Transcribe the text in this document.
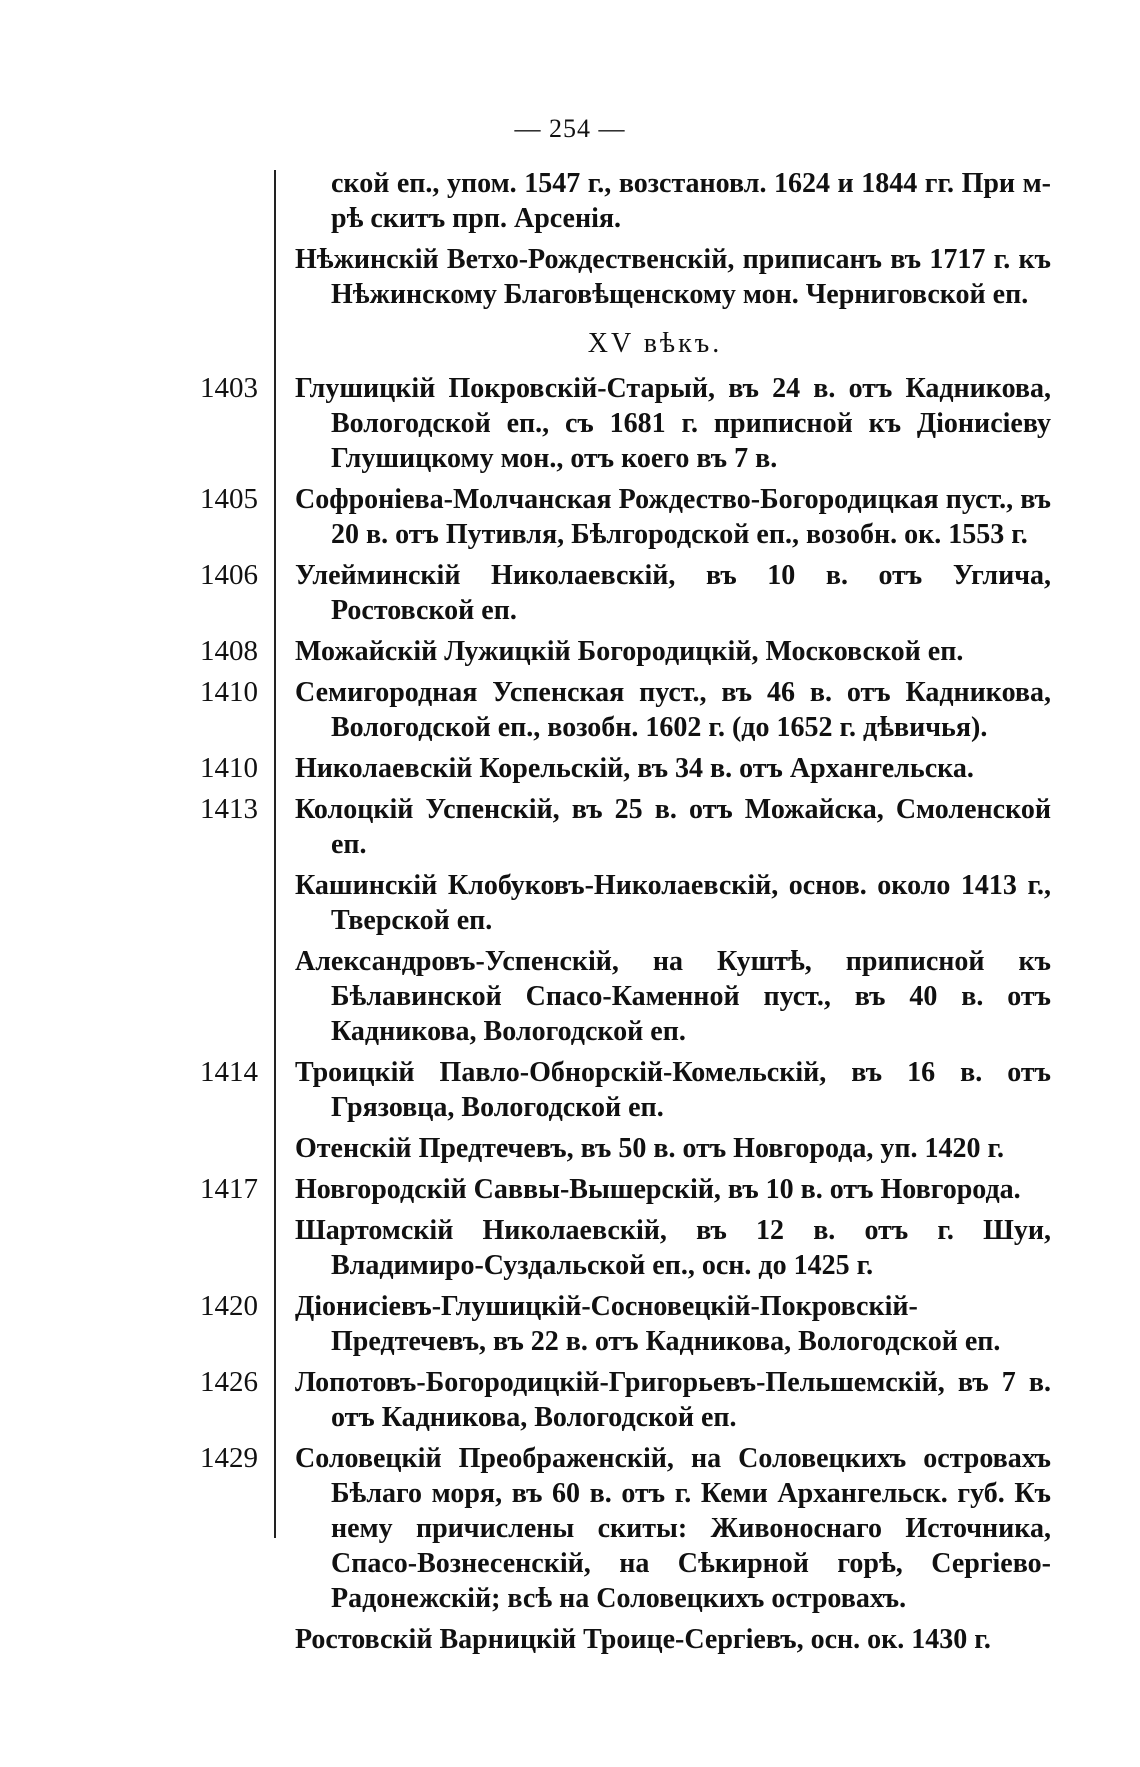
— 254 —
ской еп., упом. 1547 г., возстановл. 1624 и 1844 гг. При м-рѣ скитъ прп. Арсенія.
Нѣжинскій Ветхо-Рождественскій, приписанъ въ 1717 г. къ Нѣжинскому Благовѣщенскому мон. Черниговской еп.
XV вѣкъ.
1403 Глушицкій Покровскій-Старый, въ 24 в. отъ Кадникова, Вологодской еп., съ 1681 г. приписной къ Діонисіеву Глушицкому мон., отъ коего въ 7 в.
1405 Софроніева-Молчанская Рождество-Богородицкая пуст., въ 20 в. отъ Путивля, Бѣлгородской еп., возобн. ок. 1553 г.
1406 Улейминскій Николаевскій, въ 10 в. отъ Углича, Ростовской еп.
1408 Можайскій Лужицкій Богородицкій, Московской еп.
1410 Семигородная Успенская пуст., въ 46 в. отъ Кадникова, Вологодской еп., возобн. 1602 г. (до 1652 г. дѣвичья).
1410 Николаевскій Корельскій, въ 34 в. отъ Архангельска.
1413 Колоцкій Успенскій, въ 25 в. отъ Можайска, Смоленской еп.
Кашинскій Клобуковъ-Николаевскій, основ. около 1413 г., Тверской еп.
Александровъ-Успенскій, на Куштѣ, приписной къ Бѣлавинской Спасо-Каменной пуст., въ 40 в. отъ Кадникова, Вологодской еп.
1414 Троицкій Павло-Обнорскій-Комельскій, въ 16 в. отъ Грязовца, Вологодской еп.
Отенскій Предтечевъ, въ 50 в. отъ Новгорода, уп. 1420 г.
1417 Новгородскій Саввы-Вышерскій, въ 10 в. отъ Новгорода.
Шартомскій Николаевскій, въ 12 в. отъ г. Шуи, Владимиро-Суздальской еп., осн. до 1425 г.
1420 Діонисіевъ-Глушицкій-Сосновецкій-Покровскій-Предтечевъ, въ 22 в. отъ Кадникова, Вологодской еп.
1426 Лопотовъ-Богородицкій-Григорьевъ-Пельшемскій, въ 7 в. отъ Кадникова, Вологодской еп.
1429 Соловецкій Преображенскій, на Соловецкихъ островахъ Бѣлаго моря, въ 60 в. отъ г. Кеми Архангельск. губ. Къ нему причислены скиты: Живоноснаго Источника, Спасо-Вознесенскій, на Сѣкирной горѣ, Сергіево-Радонежскій; всѣ на Соловецкихъ островахъ.
Ростовскій Варницкій Троице-Сергіевъ, осн. ок. 1430 г.
